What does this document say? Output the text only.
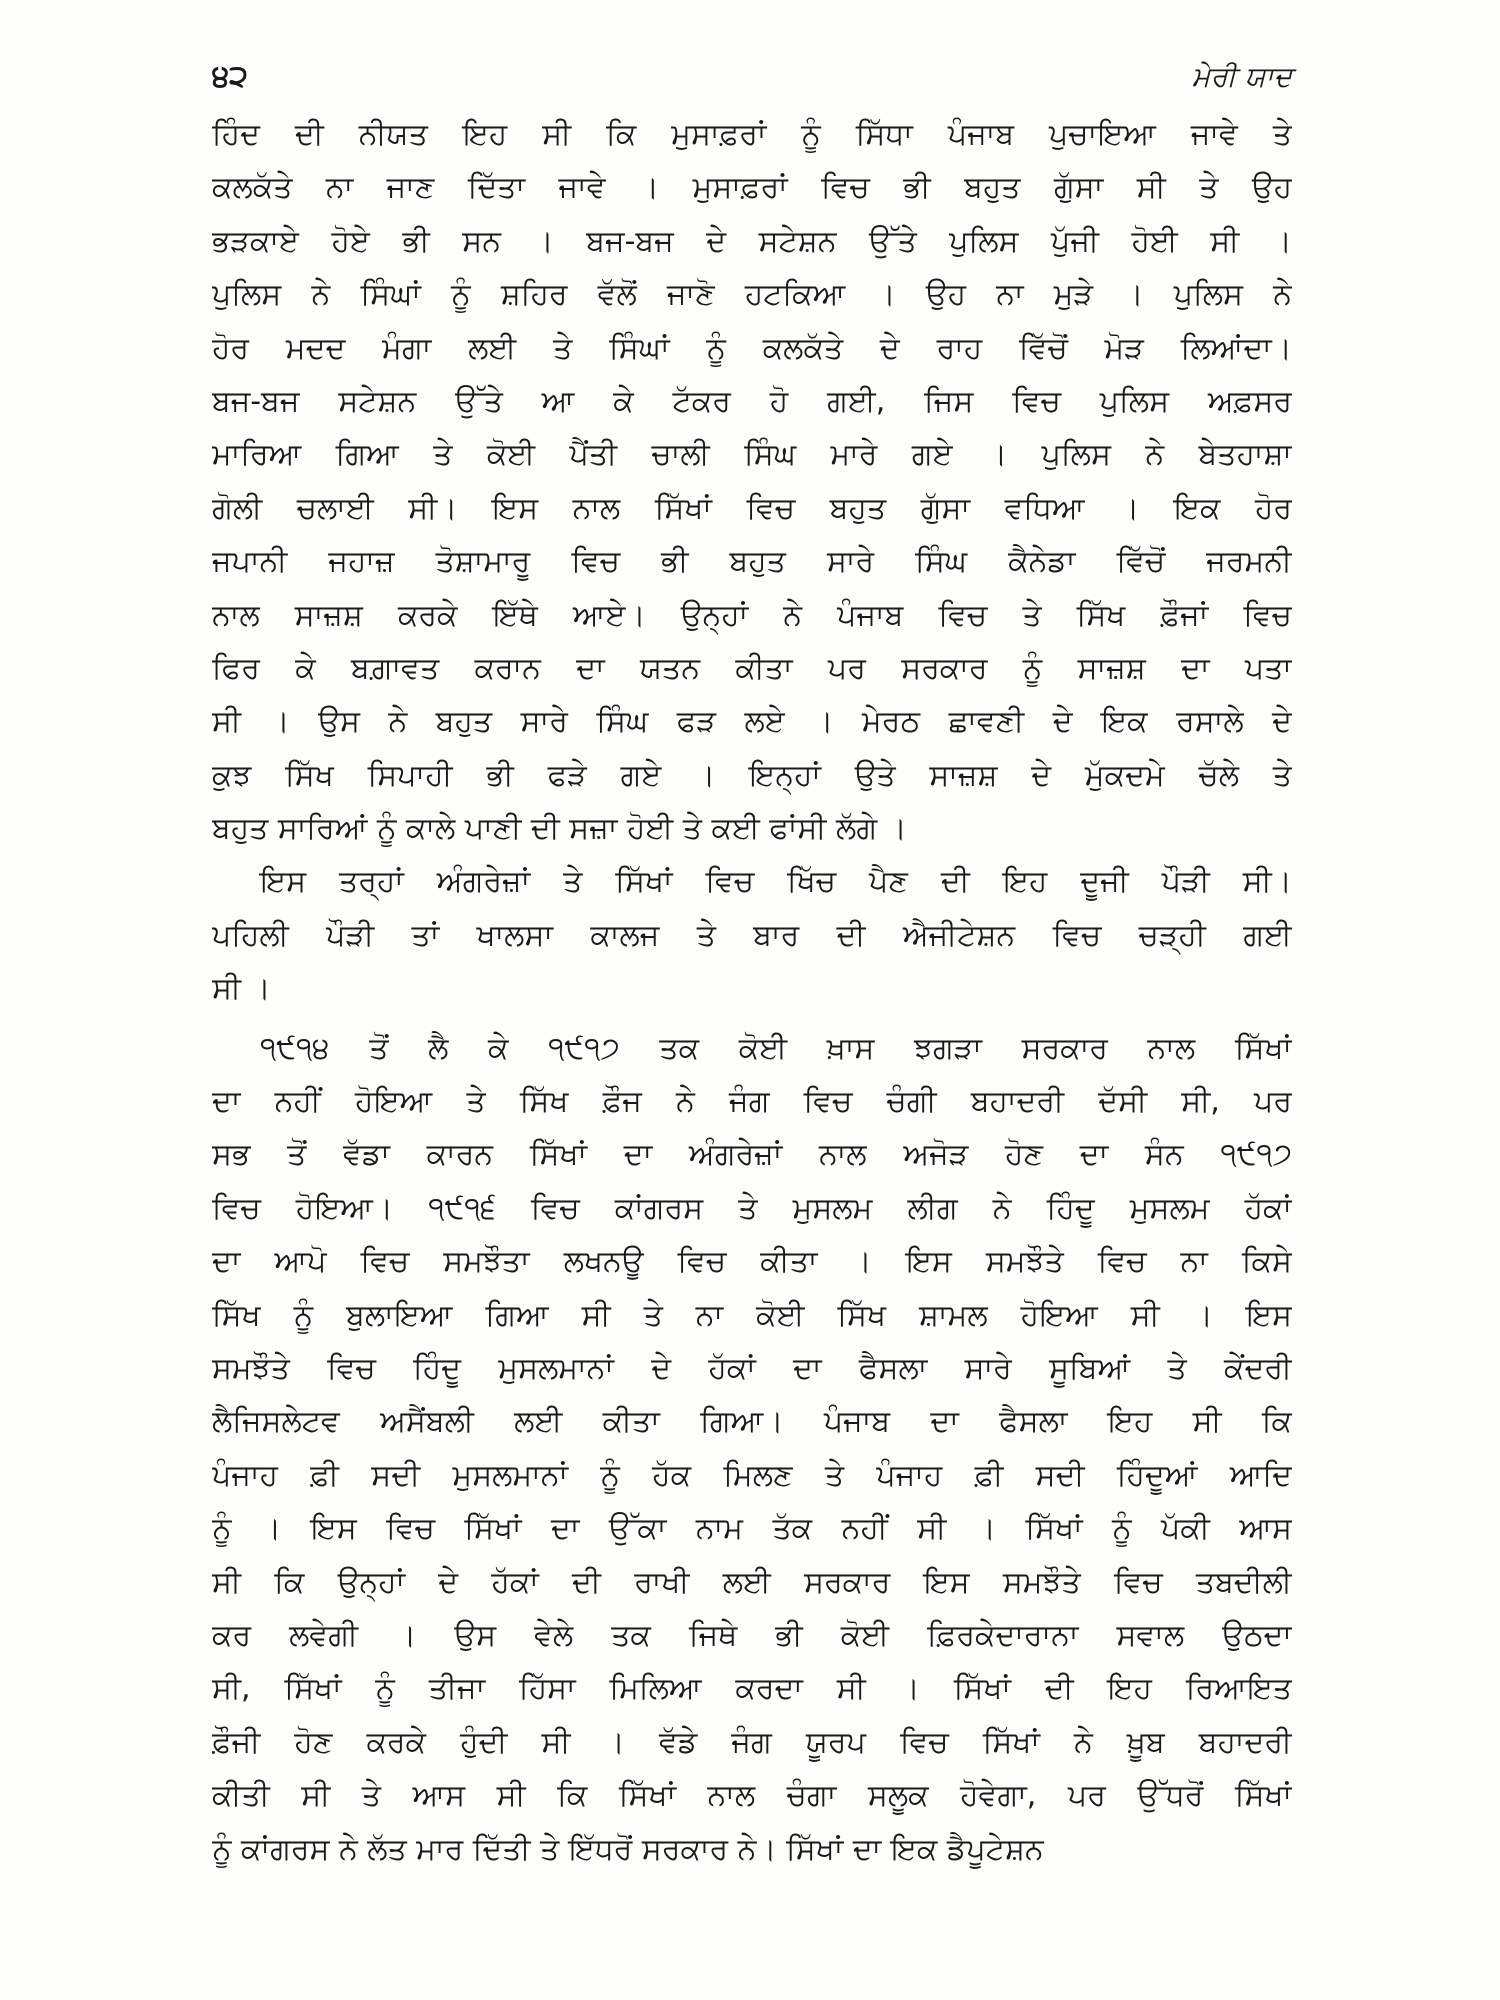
੪੨	ਮੇਰੀ ਯਾਦ
ਹਿੰਦ ਦੀ ਨੀਯਤ ਇਹ ਸੀ ਕਿ ਮੁਸਾਫ਼ਰਾਂ ਨੂੰ ਸਿੱਧਾ ਪੰਜਾਬ ਪੁਚਾਇਆ ਜਾਵੇ ਤੇ
ਕਲਕੱਤੇ ਨਾ ਜਾਣ ਦਿੱਤਾ ਜਾਵੇ । ਮੁਸਾਫ਼ਰਾਂ ਵਿਚ ਭੀ ਬਹੁਤ ਗੁੱਸਾ ਸੀ ਤੇ ਉਹ
ਭੜਕਾਏ ਹੋਏ ਭੀ ਸਨ । ਬਜ-ਬਜ ਦੇ ਸਟੇਸ਼ਨ ਉੱਤੇ ਪੁਲਿਸ ਪੁੱਜੀ ਹੋਈ ਸੀ ।
ਪੁਲਿਸ ਨੇ ਸਿੰਘਾਂ ਨੂੰ ਸ਼ਹਿਰ ਵੱਲੋਂ ਜਾਣੋ ਹਟਕਿਆ । ਉਹ ਨਾ ਮੁੜੇ । ਪੁਲਿਸ ਨੇ
ਹੋਰ ਮਦਦ ਮੰਗਾ ਲਈ ਤੇ ਸਿੰਘਾਂ ਨੂੰ ਕਲਕੱਤੇ ਦੇ ਰਾਹ ਵਿੱਚੋਂ ਮੋੜ ਲਿਆਂਦਾ।
ਬਜ-ਬਜ ਸਟੇਸ਼ਨ ਉੱਤੇ ਆ ਕੇ ਟੱਕਰ ਹੋ ਗਈ, ਜਿਸ ਵਿਚ ਪੁਲਿਸ ਅਫ਼ਸਰ
ਮਾਰਿਆ ਗਿਆ ਤੇ ਕੋਈ ਪੈਂਤੀ ਚਾਲੀ ਸਿੰਘ ਮਾਰੇ ਗਏ । ਪੁਲਿਸ ਨੇ ਬੇਤਹਾਸ਼ਾ
ਗੋਲੀ ਚਲਾਈ ਸੀ। ਇਸ ਨਾਲ ਸਿੱਖਾਂ ਵਿਚ ਬਹੁਤ ਗੁੱਸਾ ਵਧਿਆ । ਇਕ ਹੋਰ
ਜਪਾਨੀ ਜਹਾਜ਼ ਤੋਸ਼ਾਮਾਰੂ ਵਿਚ ਭੀ ਬਹੁਤ ਸਾਰੇ ਸਿੰਘ ਕੈਨੇਡਾ ਵਿੱਚੋਂ ਜਰਮਨੀ
ਨਾਲ ਸਾਜ਼ਸ਼ ਕਰਕੇ ਇੱਥੇ ਆਏ। ਉਨ੍ਹਾਂ ਨੇ ਪੰਜਾਬ ਵਿਚ ਤੇ ਸਿੱਖ ਫ਼ੌਜਾਂ ਵਿਚ
ਫਿਰ ਕੇ ਬਗ਼ਾਵਤ ਕਰਾਨ ਦਾ ਯਤਨ ਕੀਤਾ ਪਰ ਸਰਕਾਰ ਨੂੰ ਸਾਜ਼ਸ਼ ਦਾ ਪਤਾ
ਸੀ । ਉਸ ਨੇ ਬਹੁਤ ਸਾਰੇ ਸਿੰਘ ਫੜ ਲਏ । ਮੇਰਠ ਛਾਵਣੀ ਦੇ ਇਕ ਰਸਾਲੇ ਦੇ
ਕੁਝ ਸਿੱਖ ਸਿਪਾਹੀ ਭੀ ਫੜੇ ਗਏ । ਇਨ੍ਹਾਂ ਉਤੇ ਸਾਜ਼ਸ਼ ਦੇ ਮੁੱਕਦਮੇ ਚੱਲੇ ਤੇ
ਬਹੁਤ ਸਾਰਿਆਂ ਨੂੰ ਕਾਲੇ ਪਾਣੀ ਦੀ ਸਜ਼ਾ ਹੋਈ ਤੇ ਕਈ ਫਾਂਸੀ ਲੱਗੇ ।
ਇਸ ਤਰ੍ਹਾਂ ਅੰਗਰੇਜ਼ਾਂ ਤੇ ਸਿੱਖਾਂ ਵਿਚ ਖਿੱਚ ਪੈਣ ਦੀ ਇਹ ਦੂਜੀ ਪੌੜੀ ਸੀ।
ਪਹਿਲੀ ਪੌੜੀ ਤਾਂ ਖਾਲਸਾ ਕਾਲਜ ਤੇ ਬਾਰ ਦੀ ਐਜੀਟੇਸ਼ਨ ਵਿਚ ਚੜ੍ਹੀ ਗਈ
ਸੀ ।
੧੯੧੪ ਤੋਂ ਲੈ ਕੇ ੧੯੧੭ ਤਕ ਕੋਈ ਖ਼ਾਸ ਝਗੜਾ ਸਰਕਾਰ ਨਾਲ ਸਿੱਖਾਂ
ਦਾ ਨਹੀਂ ਹੋਇਆ ਤੇ ਸਿੱਖ ਫ਼ੌਜ ਨੇ ਜੰਗ ਵਿਚ ਚੰਗੀ ਬਹਾਦਰੀ ਦੱਸੀ ਸੀ, ਪਰ
ਸਭ ਤੋਂ ਵੱਡਾ ਕਾਰਨ ਸਿੱਖਾਂ ਦਾ ਅੰਗਰੇਜ਼ਾਂ ਨਾਲ ਅਜੋੜ ਹੋਣ ਦਾ ਸੰਨ ੧੯੧੭
ਵਿਚ ਹੋਇਆ। ੧੯੧੬ ਵਿਚ ਕਾਂਗਰਸ ਤੇ ਮੁਸਲਮ ਲੀਗ ਨੇ ਹਿੰਦੂ ਮੁਸਲਮ ਹੱਕਾਂ
ਦਾ ਆਪੋ ਵਿਚ ਸਮਝੌਤਾ ਲਖਨਊ ਵਿਚ ਕੀਤਾ । ਇਸ ਸਮਝੌਤੇ ਵਿਚ ਨਾ ਕਿਸੇ
ਸਿੱਖ ਨੂੰ ਬੁਲਾਇਆ ਗਿਆ ਸੀ ਤੇ ਨਾ ਕੋਈ ਸਿੱਖ ਸ਼ਾਮਲ ਹੋਇਆ ਸੀ । ਇਸ
ਸਮਝੌਤੇ ਵਿਚ ਹਿੰਦੂ ਮੁਸਲਮਾਨਾਂ ਦੇ ਹੱਕਾਂ ਦਾ ਫੈਸਲਾ ਸਾਰੇ ਸੂਬਿਆਂ ਤੇ ਕੇਂਦਰੀ
ਲੈਜਿਸਲੇਟਵ ਅਸੈਂਬਲੀ ਲਈ ਕੀਤਾ ਗਿਆ। ਪੰਜਾਬ ਦਾ ਫੈਸਲਾ ਇਹ ਸੀ ਕਿ
ਪੰਜਾਹ ਫ਼ੀ ਸਦੀ ਮੁਸਲਮਾਨਾਂ ਨੂੰ ਹੱਕ ਮਿਲਣ ਤੇ ਪੰਜਾਹ ਫ਼ੀ ਸਦੀ ਹਿੰਦੂਆਂ ਆਦਿ
ਨੂੰ । ਇਸ ਵਿਚ ਸਿੱਖਾਂ ਦਾ ਉੱਕਾ ਨਾਮ ਤੱਕ ਨਹੀਂ ਸੀ । ਸਿੱਖਾਂ ਨੂੰ ਪੱਕੀ ਆਸ
ਸੀ ਕਿ ਉਨ੍ਹਾਂ ਦੇ ਹੱਕਾਂ ਦੀ ਰਾਖੀ ਲਈ ਸਰਕਾਰ ਇਸ ਸਮਝੌਤੇ ਵਿਚ ਤਬਦੀਲੀ
ਕਰ ਲਵੇਗੀ । ਉਸ ਵੇਲੇ ਤਕ ਜਿਥੇ ਭੀ ਕੋਈ ਫ਼ਿਰਕੇਦਾਰਾਨਾ ਸਵਾਲ ਉਠਦਾ
ਸੀ, ਸਿੱਖਾਂ ਨੂੰ ਤੀਜਾ ਹਿੱਸਾ ਮਿਲਿਆ ਕਰਦਾ ਸੀ । ਸਿੱਖਾਂ ਦੀ ਇਹ ਰਿਆਇਤ
ਫ਼ੌਜੀ ਹੋਣ ਕਰਕੇ ਹੁੰਦੀ ਸੀ । ਵੱਡੇ ਜੰਗ ਯੂਰਪ ਵਿਚ ਸਿੱਖਾਂ ਨੇ ਖ਼ੂਬ ਬਹਾਦਰੀ
ਕੀਤੀ ਸੀ ਤੇ ਆਸ ਸੀ ਕਿ ਸਿੱਖਾਂ ਨਾਲ ਚੰਗਾ ਸਲੂਕ ਹੋਵੇਗਾ, ਪਰ ਉੱਧਰੋਂ ਸਿੱਖਾਂ
ਨੂੰ ਕਾਂਗਰਸ ਨੇ ਲੱਤ ਮਾਰ ਦਿੱਤੀ ਤੇ ਇੱਧਰੋਂ ਸਰਕਾਰ ਨੇ। ਸਿੱਖਾਂ ਦਾ ਇਕ ਡੈਪੂਟੇਸ਼ਨ
